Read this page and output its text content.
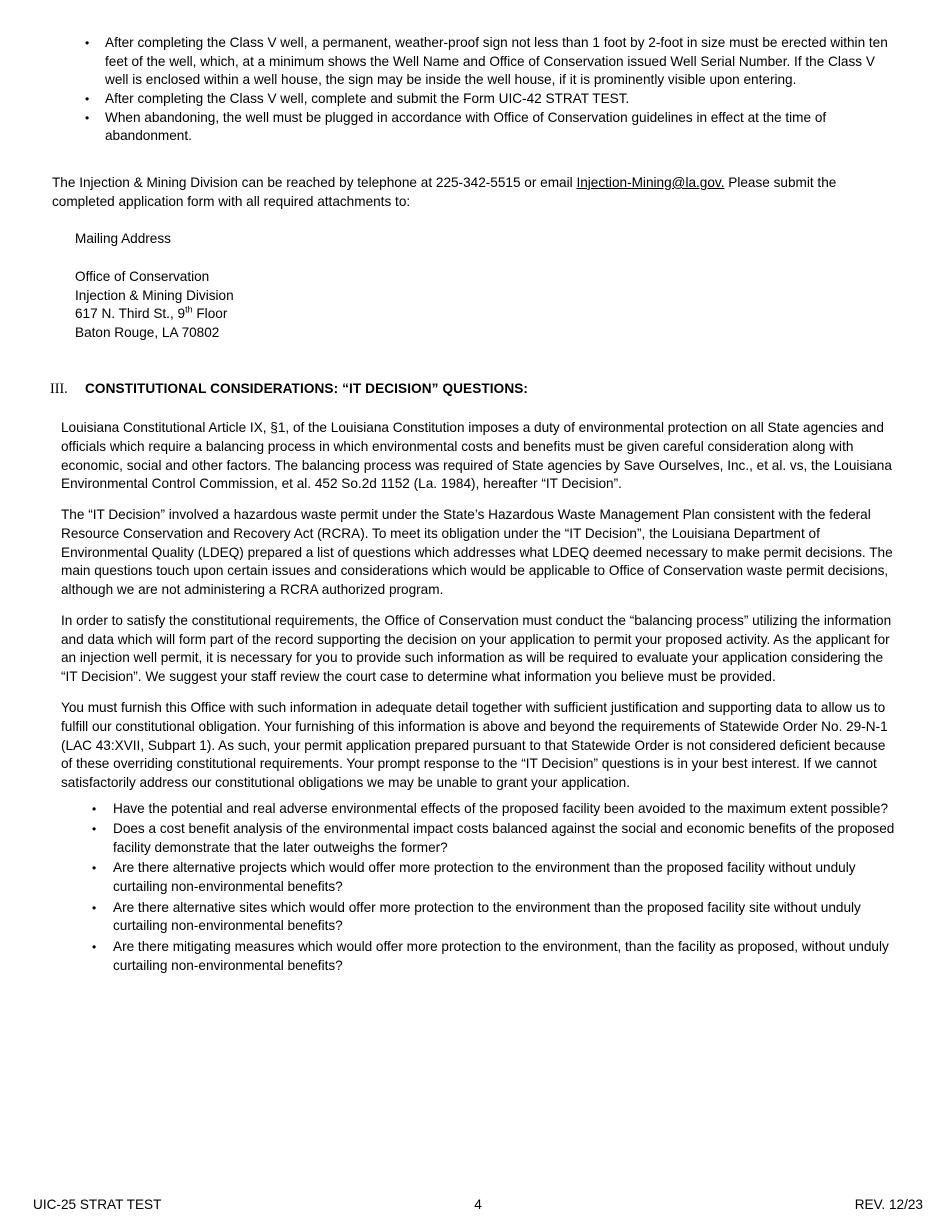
•	After completing the Class V well, a permanent, weather-proof sign not less than 1 foot by 2-foot in size must be erected within ten feet of the well, which, at a minimum shows the Well Name and Office of Conservation issued Well Serial Number. If the Class V well is enclosed within a well house, the sign may be inside the well house, if it is prominently visible upon entering.
•	After completing the Class V well, complete and submit the Form UIC-42 STRAT TEST.
•	When abandoning, the well must be plugged in accordance with Office of Conservation guidelines in effect at the time of abandonment.

The Injection & Mining Division can be reached by telephone at 225-342-5515 or email Injection-Mining@la.gov. Please submit the completed application form with all required attachments to:

Mailing Address

Office of Conservation
Injection & Mining Division
617 N. Third St., 9th Floor
Baton Rouge, LA 70802
III.	CONSTITUTIONAL CONSIDERATIONS: “IT DECISION” QUESTIONS:

Louisiana Constitutional Article IX, §1, of the Louisiana Constitution imposes a duty of environmental protection on all State agencies and officials which require a balancing process in which environmental costs and benefits must be given careful consideration along with economic, social and other factors. The balancing process was required of State agencies by Save Ourselves, Inc., et al. vs, the Louisiana Environmental Control Commission, et al. 452 So.2d 1152 (La. 1984), hereafter “IT Decision”.

The “IT Decision” involved a hazardous waste permit under the State’s Hazardous Waste Management Plan consistent with the federal Resource Conservation and Recovery Act (RCRA). To meet its obligation under the “IT Decision”, the Louisiana Department of Environmental Quality (LDEQ) prepared a list of questions which addresses what LDEQ deemed necessary to make permit decisions. The main questions touch upon certain issues and considerations which would be applicable to Office of Conservation waste permit decisions, although we are not administering a RCRA authorized program.

In order to satisfy the constitutional requirements, the Office of Conservation must conduct the “balancing process” utilizing the information and data which will form part of the record supporting the decision on your application to permit your proposed activity. As the applicant for an injection well permit, it is necessary for you to provide such information as will be required to evaluate your application considering the “IT Decision”. We suggest your staff review the court case to determine what information you believe must be provided.

You must furnish this Office with such information in adequate detail together with sufficient justification and supporting data to allow us to fulfill our constitutional obligation. Your furnishing of this information is above and beyond the requirements of Statewide Order No. 29-N-1 (LAC 43:XVII, Subpart 1). As such, your permit application prepared pursuant to that Statewide Order is not considered deficient because of these overriding constitutional requirements. Your prompt response to the “IT Decision” questions is in your best interest. If we cannot satisfactorily address our constitutional obligations we may be unable to grant your application.

•	Have the potential and real adverse environmental effects of the proposed facility been avoided to the maximum extent possible?
•	Does a cost benefit analysis of the environmental impact costs balanced against the social and economic benefits of the proposed facility demonstrate that the later outweighs the former?
•	Are there alternative projects which would offer more protection to the environment than the proposed facility without unduly curtailing non-environmental benefits?
•	Are there alternative sites which would offer more protection to the environment than the proposed facility site without unduly curtailing non-environmental benefits?
•	Are there mitigating measures which would offer more protection to the environment, than the facility as proposed, without unduly curtailing non-environmental benefits?
UIC-25 STRAT TEST	4	REV. 12/23
